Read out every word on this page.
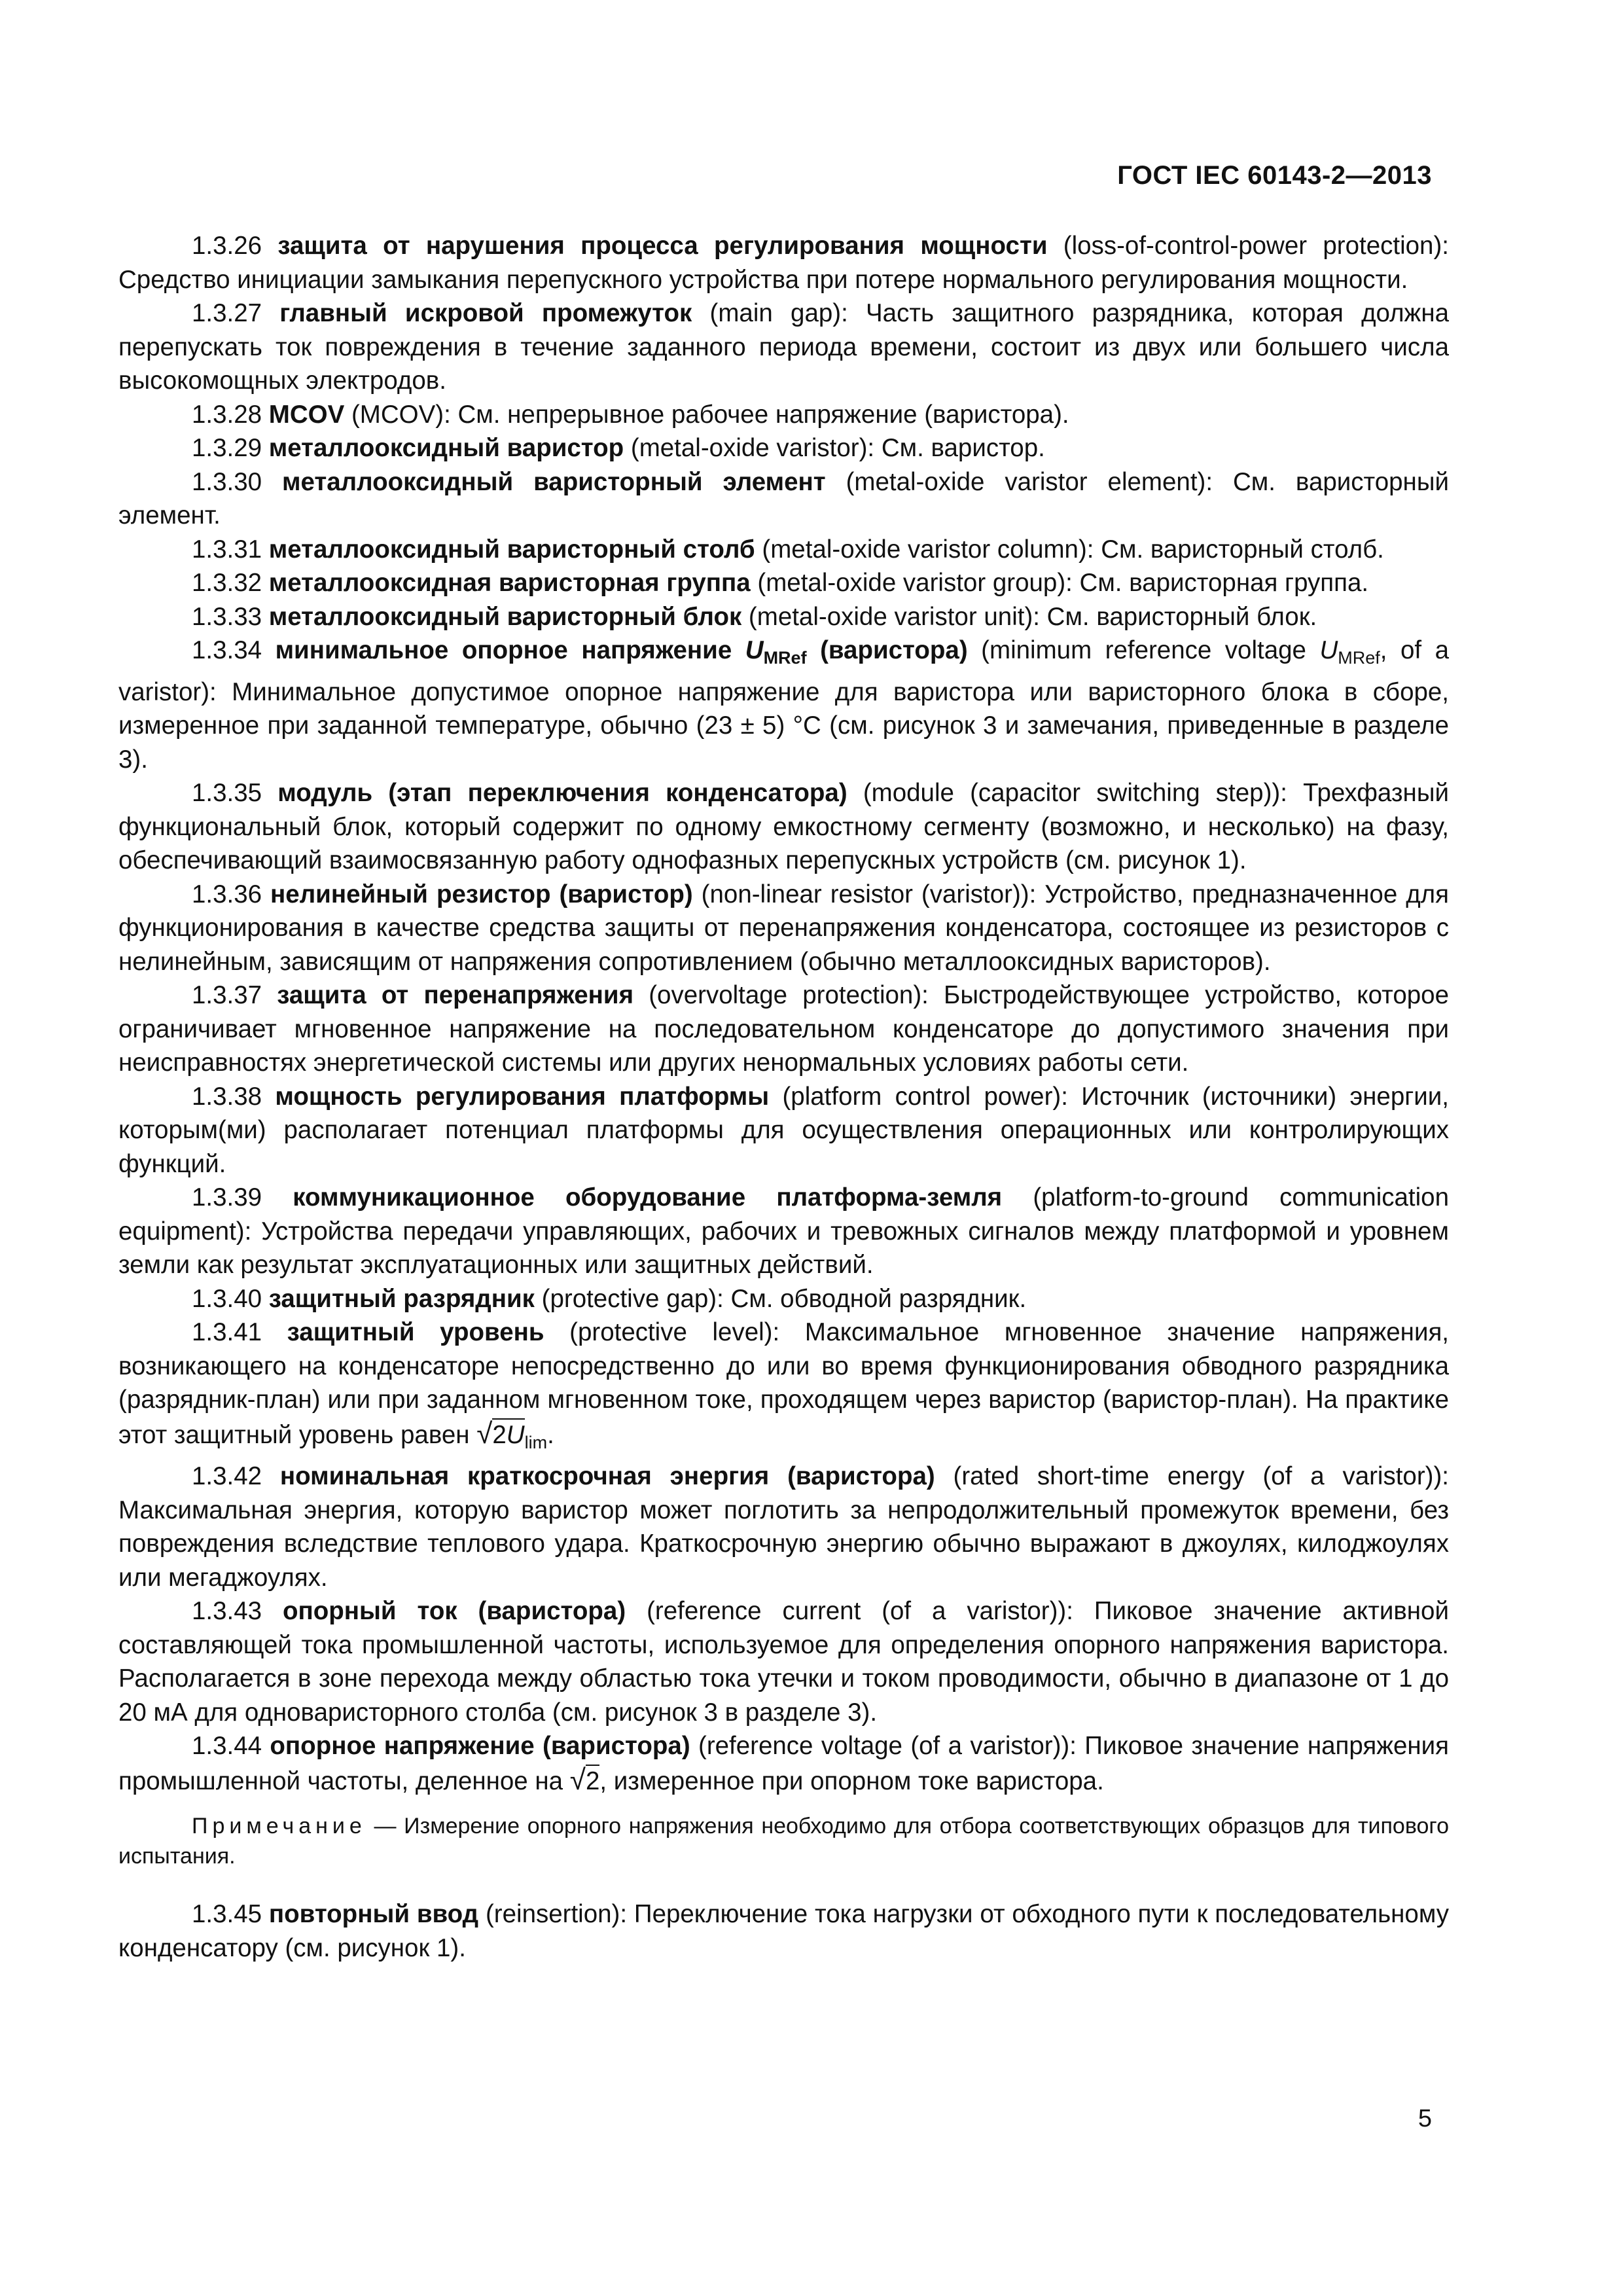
ГОСТ IEC 60143-2—2013

1.3.26 защита от нарушения процесса регулирования мощности (loss-of-control-power protection): Средство инициации замыкания перепускного устройства при потере нормального регулирования мощности.

1.3.27 главный искровой промежуток (main gap): Часть защитного разрядника, которая должна перепускать ток повреждения в течение заданного периода времени, состоит из двух или большего числа высокомощных электродов.

1.3.28 MCOV (MCOV): См. непрерывное рабочее напряжение (варистора).

1.3.29 металлооксидный варистор (metal-oxide varistor): См. варистор.

1.3.30 металлооксидный варисторный элемент (metal-oxide varistor element): См. варисторный элемент.

1.3.31 металлооксидный варисторный столб (metal-oxide varistor column): См. варисторный столб.

1.3.32 металлооксидная варисторная группа (metal-oxide varistor group): См. варисторная группа.

1.3.33 металлооксидный варисторный блок (metal-oxide varistor unit): См. варисторный блок.

1.3.34 минимальное опорное напряжение $U_{MRef}$ (варистора) (minimum reference voltage $U_{MRef}$, of a varistor): Минимальное допустимое опорное напряжение для варистора или варисторного блока в сборе, измеренное при заданной температуре, обычно (23 ± 5) °С (см. рисунок 3 и замечания, приведенные в разделе 3).

1.3.35 модуль (этап переключения конденсатора) (module (capacitor switching step)): Трехфазный функциональный блок, который содержит по одному емкостному сегменту (возможно, и несколько) на фазу, обеспечивающий взаимосвязанную работу однофазных перепускных устройств (см. рисунок 1).

1.3.36 нелинейный резистор (варистор) (non-linear resistor (varistor)): Устройство, предназначенное для функционирования в качестве средства защиты от перенапряжения конденсатора, состоящее из резисторов с нелинейным, зависящим от напряжения сопротивлением (обычно металлооксидных варисторов).

1.3.37 защита от перенапряжения (overvoltage protection): Быстродействующее устройство, которое ограничивает мгновенное напряжение на последовательном конденсаторе до допустимого значения при неисправностях энергетической системы или других ненормальных условиях работы сети.

1.3.38 мощность регулирования платформы (platform control power): Источник (источники) энергии, которым(ми) располагает потенциал платформы для осуществления операционных или контролирующих функций.

1.3.39 коммуникационное оборудование платформа-земля (platform-to-ground communication equipment): Устройства передачи управляющих, рабочих и тревожных сигналов между платформой и уровнем земли как результат эксплуатационных или защитных действий.

1.3.40 защитный разрядник (protective gap): См. обводной разрядник.

1.3.41 защитный уровень (protective level): Максимальное мгновенное значение напряжения, возникающего на конденсаторе непосредственно до или во время функционирования обводного разрядника (разрядник-план) или при заданном мгновенном токе, проходящем через варистор (варистор-план). На практике этот защитный уровень равен $√2U_{lim}$.

1.3.42 номинальная краткосрочная энергия (варистора) (rated short-time energy (of a varistor)): Максимальная энергия, которую варистор может поглотить за непродолжительный промежуток времени, без повреждения вследствие теплового удара. Краткосрочную энергию обычно выражают в джоулях, килоджоулях или мегаджоулях.

1.3.43 опорный ток (варистора) (reference current (of a varistor)): Пиковое значение активной составляющей тока промышленной частоты, используемое для определения опорного напряжения варистора. Располагается в зоне перехода между областью тока утечки и током проводимости, обычно в диапазоне от 1 до 20 мА для одноваристорного столба (см. рисунок 3 в разделе 3).

1.3.44 опорное напряжение (варистора) (reference voltage (of a varistor)): Пиковое значение напряжения промышленной частоты, деленное на √2, измеренное при опорном токе варистора.

Примечание — Измерение опорного напряжения необходимо для отбора соответствующих образцов для типового испытания.

1.3.45 повторный ввод (reinsertion): Переключение тока нагрузки от обходного пути к последовательному конденсатору (см. рисунок 1).

5
